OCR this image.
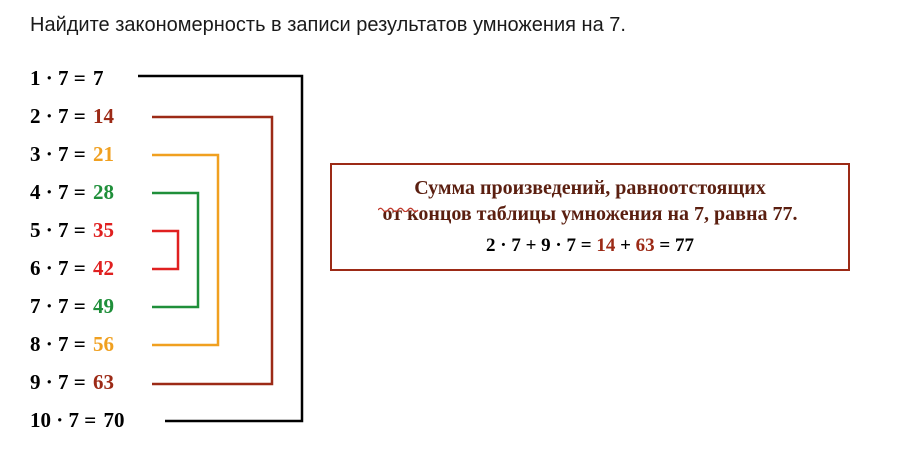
Найдите закономерность в записи результатов умножения на 7.
1 · 7 = 7
2 · 7 = 14
3 · 7 = 21
4 · 7 = 28
5 · 7 = 35
6 · 7 = 42
7 · 7 = 49
8 · 7 = 56
9 · 7 = 63
10 · 7 = 70
Сумма произведений, равноотстоящих
от концов таблицы умножения на 7, равна 77.
2 · 7 + 9 · 7 = 14 + 63 = 77
